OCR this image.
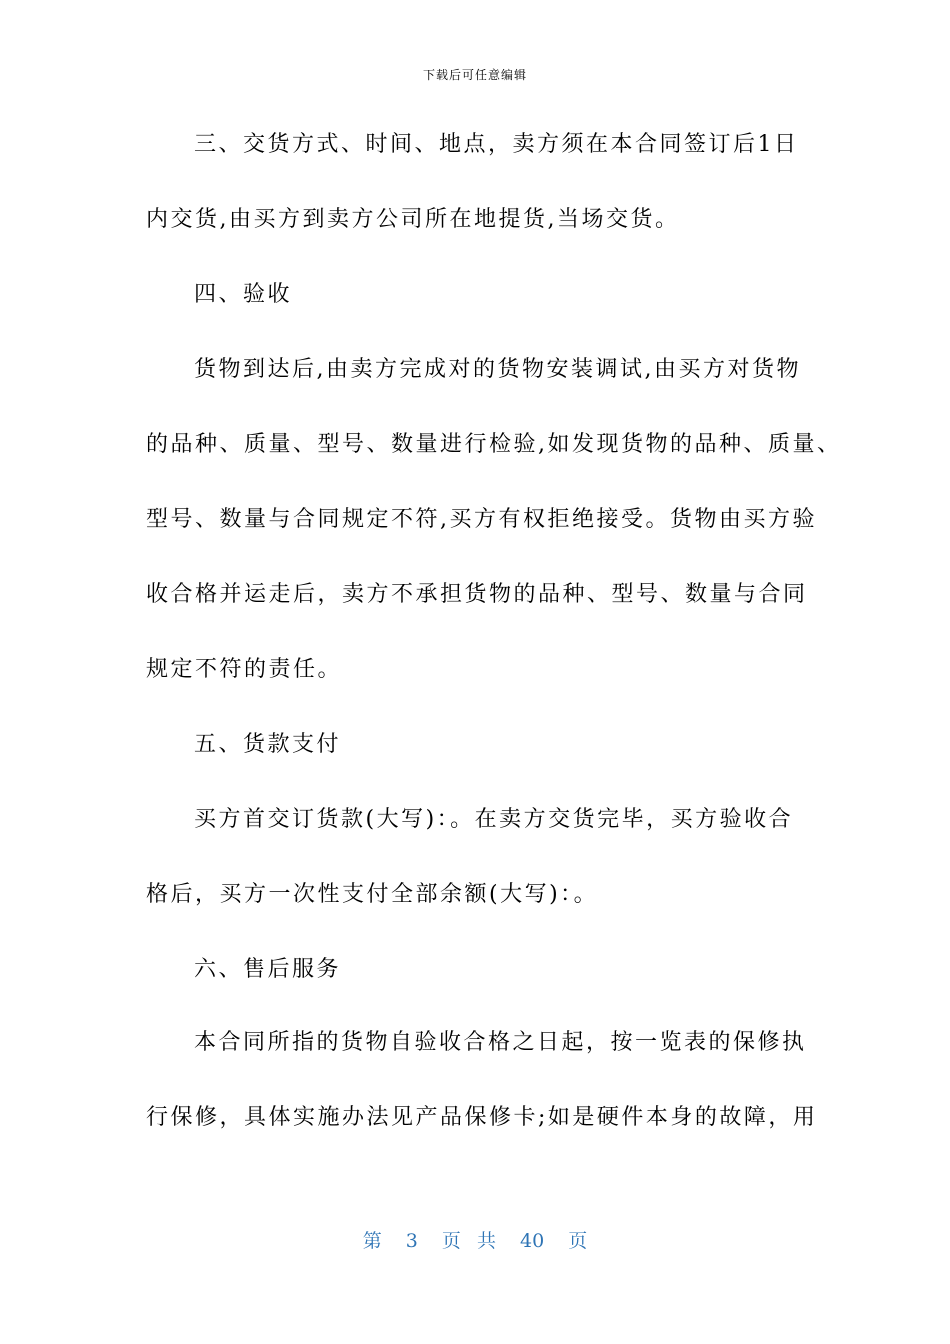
下载后可任意编辑
三、交货方式、时间、地点，卖方须在本合同签订后1日
内交货,由买方到卖方公司所在地提货,当场交货。
四、验收
货物到达后,由卖方完成对的货物安装调试,由买方对货物
的品种、质量、型号、数量进行检验,如发现货物的品种、质量、
型号、数量与合同规定不符,买方有权拒绝接受。货物由买方验
收合格并运走后，卖方不承担货物的品种、型号、数量与合同
规定不符的责任。
五、货款支付
买方首交订货款(大写)：。在卖方交货完毕，买方验收合
格后，买方一次性支付全部余额(大写)：。
六、售后服务
本合同所指的货物自验收合格之日起，按一览表的保修执
行保修，具体实施办法见产品保修卡;如是硬件本身的故障，用
第 3 页 共 40 页
